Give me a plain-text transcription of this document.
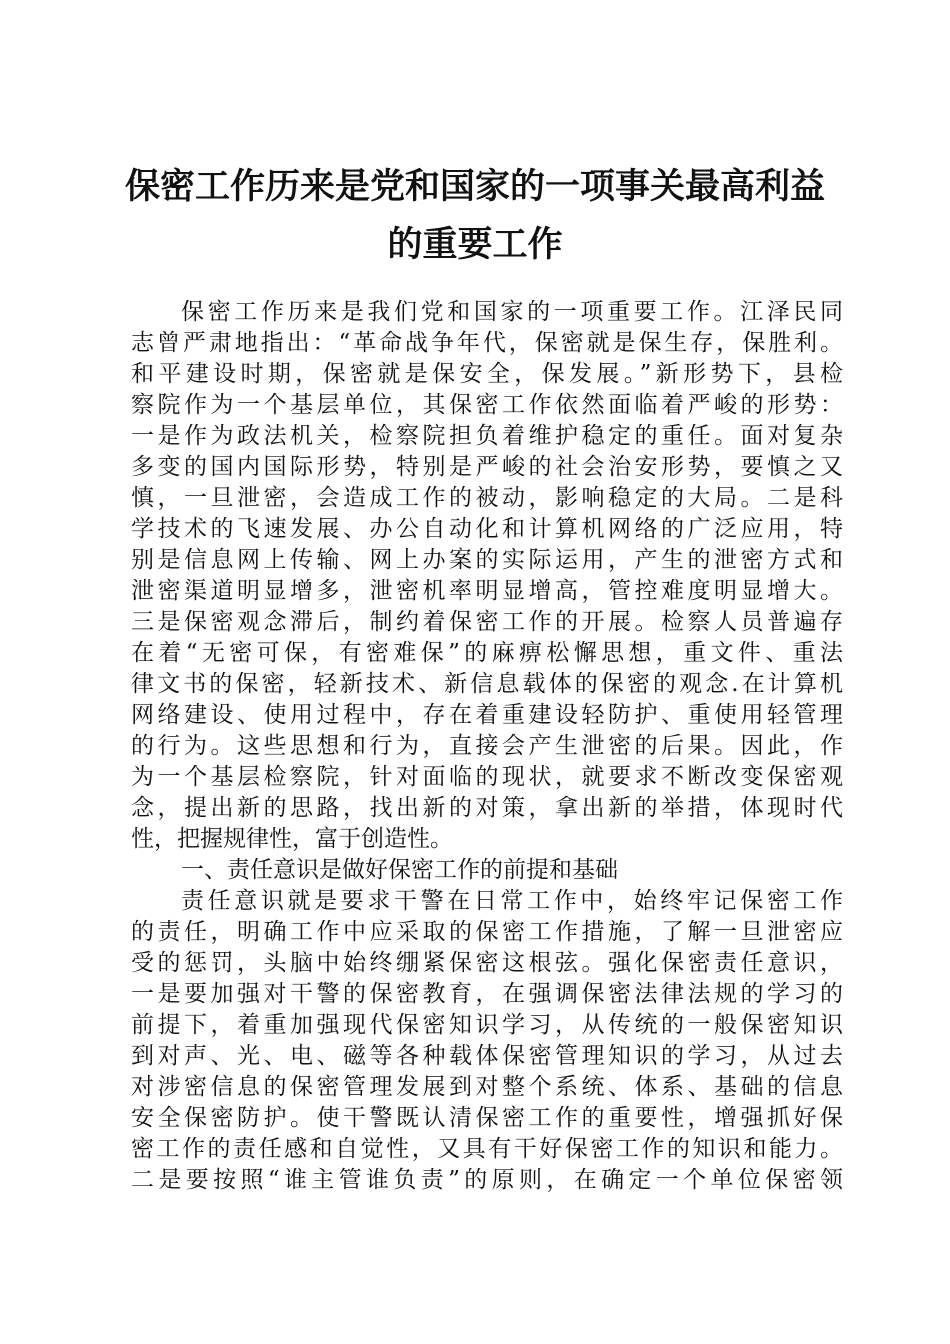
保密工作历来是党和国家的一项事关最高利益
的重要工作
保密工作历来是我们党和国家的一项重要工作。江泽民同
志曾严肃地指出：“革命战争年代，保密就是保生存，保胜利。
和平建设时期，保密就是保安全，保发展。”新形势下，县检
察院作为一个基层单位，其保密工作依然面临着严峻的形势：
一是作为政法机关，检察院担负着维护稳定的重任。面对复杂
多变的国内国际形势，特别是严峻的社会治安形势，要慎之又
慎，一旦泄密，会造成工作的被动，影响稳定的大局。二是科
学技术的飞速发展、办公自动化和计算机网络的广泛应用，特
别是信息网上传输、网上办案的实际运用，产生的泄密方式和
泄密渠道明显增多，泄密机率明显增高，管控难度明显增大。
三是保密观念滞后，制约着保密工作的开展。检察人员普遍存
在着“无密可保，有密难保”的麻痹松懈思想，重文件、重法
律文书的保密，轻新技术、新信息载体的保密的观念.在计算机
网络建设、使用过程中，存在着重建设轻防护、重使用轻管理
的行为。这些思想和行为，直接会产生泄密的后果。因此，作
为一个基层检察院，针对面临的现状，就要求不断改变保密观
念，提出新的思路，找出新的对策，拿出新的举措，体现时代
性，把握规律性，富于创造性。
一、责任意识是做好保密工作的前提和基础
责任意识就是要求干警在日常工作中，始终牢记保密工作
的责任，明确工作中应采取的保密工作措施，了解一旦泄密应
受的惩罚，头脑中始终绷紧保密这根弦。强化保密责任意识，
一是要加强对干警的保密教育，在强调保密法律法规的学习的
前提下，着重加强现代保密知识学习，从传统的一般保密知识
到对声、光、电、磁等各种载体保密管理知识的学习，从过去
对涉密信息的保密管理发展到对整个系统、体系、基础的信息
安全保密防护。使干警既认清保密工作的重要性，增强抓好保
密工作的责任感和自觉性，又具有干好保密工作的知识和能力。
二是要按照“谁主管谁负责”的原则，在确定一个单位保密领
